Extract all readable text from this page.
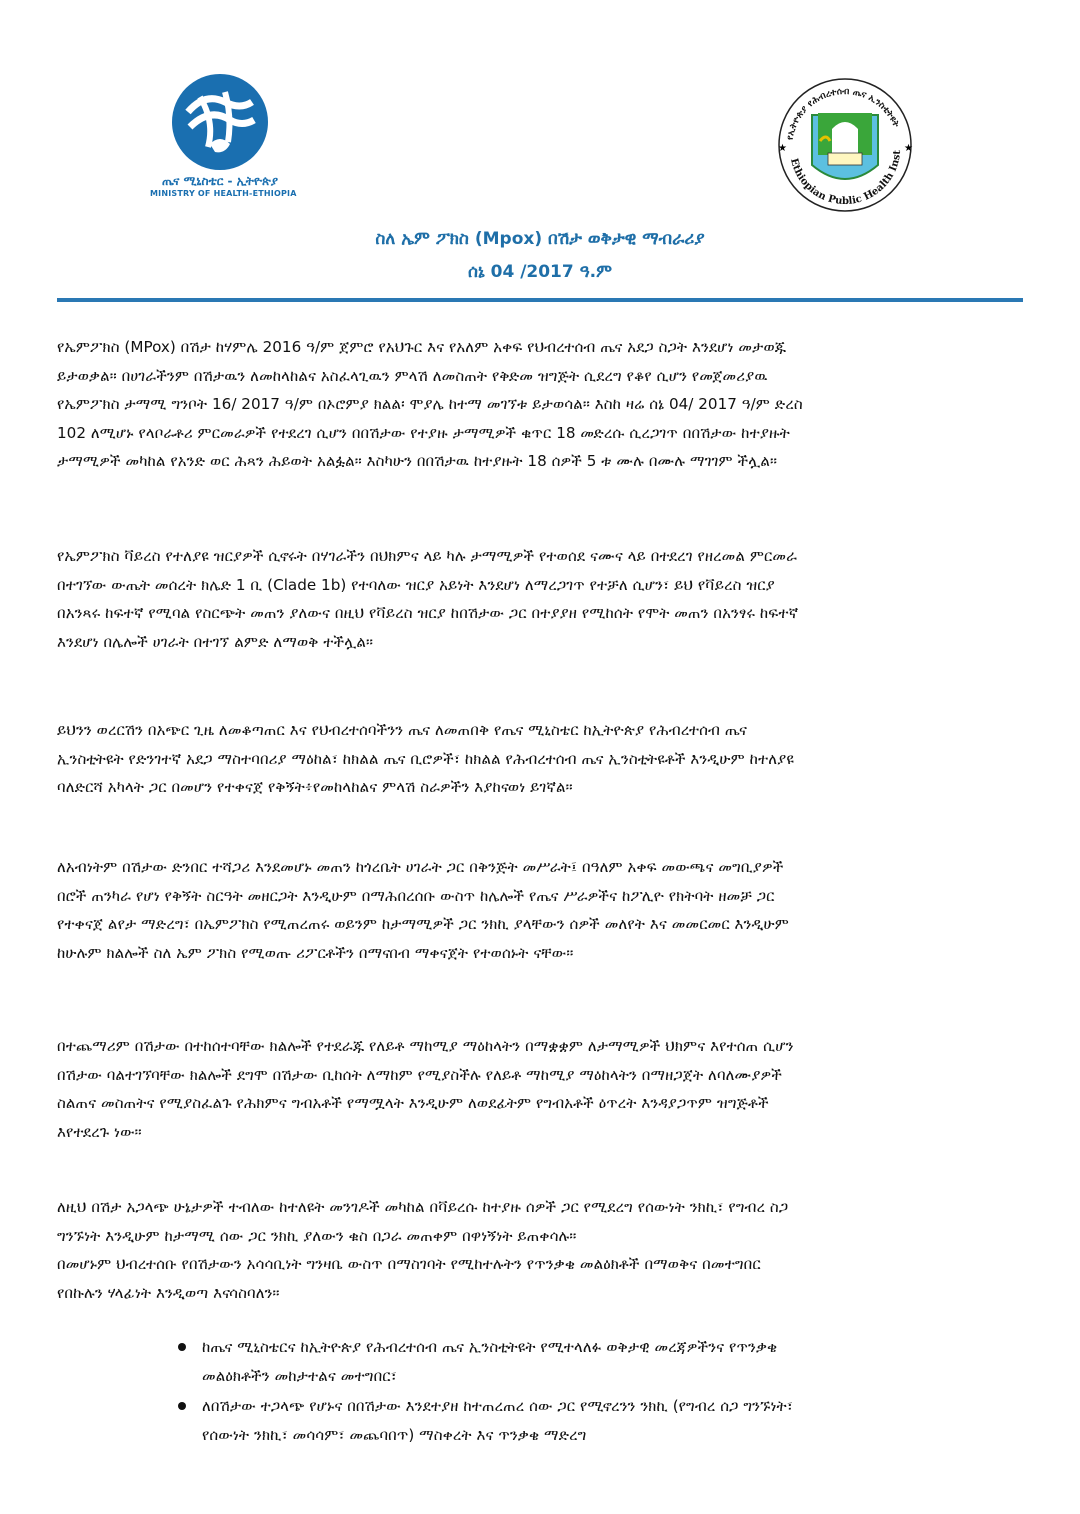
ጤና ሚኒስቴር - ኢትዮጵያ
MINISTRY OF HEALTH-ETHIOPIA
የኢትዮጵያ የሕብረተሰብ ጤና ኢንስቲትዩት
Ethiopian Public Health Inst
★	★
ስለ ኤም ፖክስ (Mpox) በሽታ ወቅታዊ ማብራሪያ
ሰኔ 04 /2017 ዓ.ም
የኤምፖክስ (MPox) በሽታ ከሃምሌ 2016 ዓ/ም ጀምሮ የአህጉር እና የአለም አቀፍ የህብረተሰብ ጤና አደጋ ስጋት እንደሆነ መታወጁ
ይታወቃል። በሀገራችንም በሽታዉን ለመከላከልና አስፈላጊዉን ምላሽ ለመስጠት የቅድመ ዝግጅት ሲደረግ የቆየ ሲሆን የመጀመሪያዉ
የኤምፖክስ ታማሚ ግንቦት 16/ 2017 ዓ/ም በኦሮምያ ክልል፡ ሞያሌ ከተማ መገኘቱ ይታወሳል። እስከ ዛሬ ሰኔ 04/ 2017 ዓ/ም ድረስ
102 ለሚሆኑ የላቦራቶሪ ምርመራዎች የተደረገ ሲሆን በበሽታው የተያዙ ታማሚዎች ቁጥር 18 መድረሱ ሲረጋገጥ በበሽታው ከተያዙት
ታማሚዎች መካከል የአንድ ወር ሕጻን ሕይወት አልፏል። እስካሁን በበሽታዉ ከተያዙት 18 ሰዎች 5 ቱ ሙሉ በሙሉ ማገገም ችሏል።
የኤምፖክስ ቫይረስ የተለያዩ ዝርያዎች ሲኖሩት በሃገራችን በህክምና ላይ ካሉ ታማሚዎች የተወሰደ ናሙና ላይ በተደረገ የዘረመል ምርመራ
በተገኘው ውጤት መሰረት ክሌድ 1 ቢ (Clade 1b) የተባለው ዝርያ አይነት እንደሆነ ለማረጋገጥ የተቻለ ሲሆን፣ ይህ የቫይረስ ዝርያ
በአንጻሩ ከፍተኛ የሚባል የስርጭት መጠን ያለውና በዚህ የቫይረስ ዝርያ ከበሽታው ጋር በተያያዘ የሚከሰት የሞት መጠን በአንፃሩ ከፍተኛ
እንደሆነ በሌሎች ሀገራት በተገኘ ልምድ ለማወቅ ተችሏል።
ይህንን ወረርሽን በአጭር ጊዜ ለመቆጣጠር እና የህብረተሰባችንን ጤና ለመጠበቅ የጤና ሚኒስቴር ከኢትዮጵያ የሕብረተሰብ ጤና
ኢንስቲትዩት የድንገተኛ አደጋ ማስተባበሪያ ማዕከል፣ ከክልል ጤና ቢሮዎች፣ ከክልል የሕብረተሰብ ጤና ኢንስቲትዩቶች እንዲሁም ከተለያዩ
ባለድርሻ አካላት ጋር በመሆን የተቀናጀ የቅኝት፥የመከላከልና ምላሽ ስራዎችን እያከናወነ ይገኛል።
ለአብነትም በሽታው ድንበር ተሻጋሪ እንደመሆኑ መጠን ከጎረቤት ሀገራት ጋር በቅንጅት መሥራት፤ በዓለም አቀፍ መውጫና መግቢያዎች
በሮች ጠንካራ የሆነ የቅኝት ስርዓት መዘርጋት እንዲሁም በማሕበረሰቡ ውስጥ ከሌሎች የጤና ሥራዎችና ከፖሊዮ የክትባት ዘመቻ ጋር
የተቀናጀ ልየታ ማድረግ፣ በኤምፖክስ የሚጠረጠሩ ወይንም ከታማሚዎች ጋር ንክኪ ያላቸውን ሰዎች መለየት እና መመርመር እንዲሁም
ከሁሉም ክልሎች ስለ ኤም ፖክስ የሚወጡ ሪፖርቶችን በማናበብ ማቀናጀት የተወሰኑት ናቸው።
በተጨማሪም በሽታው በተከሰተባቸው ክልሎች የተደራጁ የለይቶ ማከሚያ ማዕከላትን በማቋቋም ለታማሚዎች ህክምና እየተሰጠ ሲሆን
በሽታው ባልተገኘባቸው ክልሎች ደግሞ በሽታው ቢከሰት ለማከም የሚያስችሉ የለይቶ ማከሚያ ማዕከላትን በማዘጋጀት ለባለሙያዎች
ስልጠና መስጠትና የሚያስፈልጉ የሕክምና ግብአቶች የማሟላት እንዲሁም ለወደፊትም የግብአቶች ዕጥረት እንዳያጋጥም ዝግጅቶች
እየተደረጉ ነው።
ለዚህ በሽታ አጋላጭ ሁኔታዎች ተብለው ከተለዩት መንገዶች መካከል በቫይረሱ ከተያዙ ሰዎች ጋር የሚደረግ የሰውነት ንክኪ፣ የግብረ ስጋ
ግንኙነት እንዲሁም ከታማሚ ሰው ጋር ንክኪ ያለውን ቁስ በጋራ መጠቀም በዋነኝነት ይጠቀሳሉ።
በመሆኑም ህብረተሰቡ የበሽታውን አሳሳቢነት ግንዛቤ ውስጥ በማስገባት የሚከተሉትን የጥንቃቄ መልዕክቶች በማወቅና በመተግበር
የበኩሉን ሃላፊነት እንዲወጣ እናሳስባለን።
ከጤና ሚኒስቴርና ከኢትዮጵያ የሕብረተሰብ ጤና ኢንስቲትዩት የሚተላለፉ ወቅታዊ መረጃዎችንና የጥንቃቄ
መልዕክቶችን መከታተልና መተግበር፣
ለበሽታው ተጋላጭ የሆኑና በበሽታው እንደተያዘ ከተጠረጠረ ሰው ጋር የሚኖረንን ንክኪ (የግብረ ሰጋ ግንኙነት፣
የሰውነት ንክኪ፣ መሳሳም፣ መጨባበጥ) ማስቀረት እና ጥንቃቄ ማድረግ
